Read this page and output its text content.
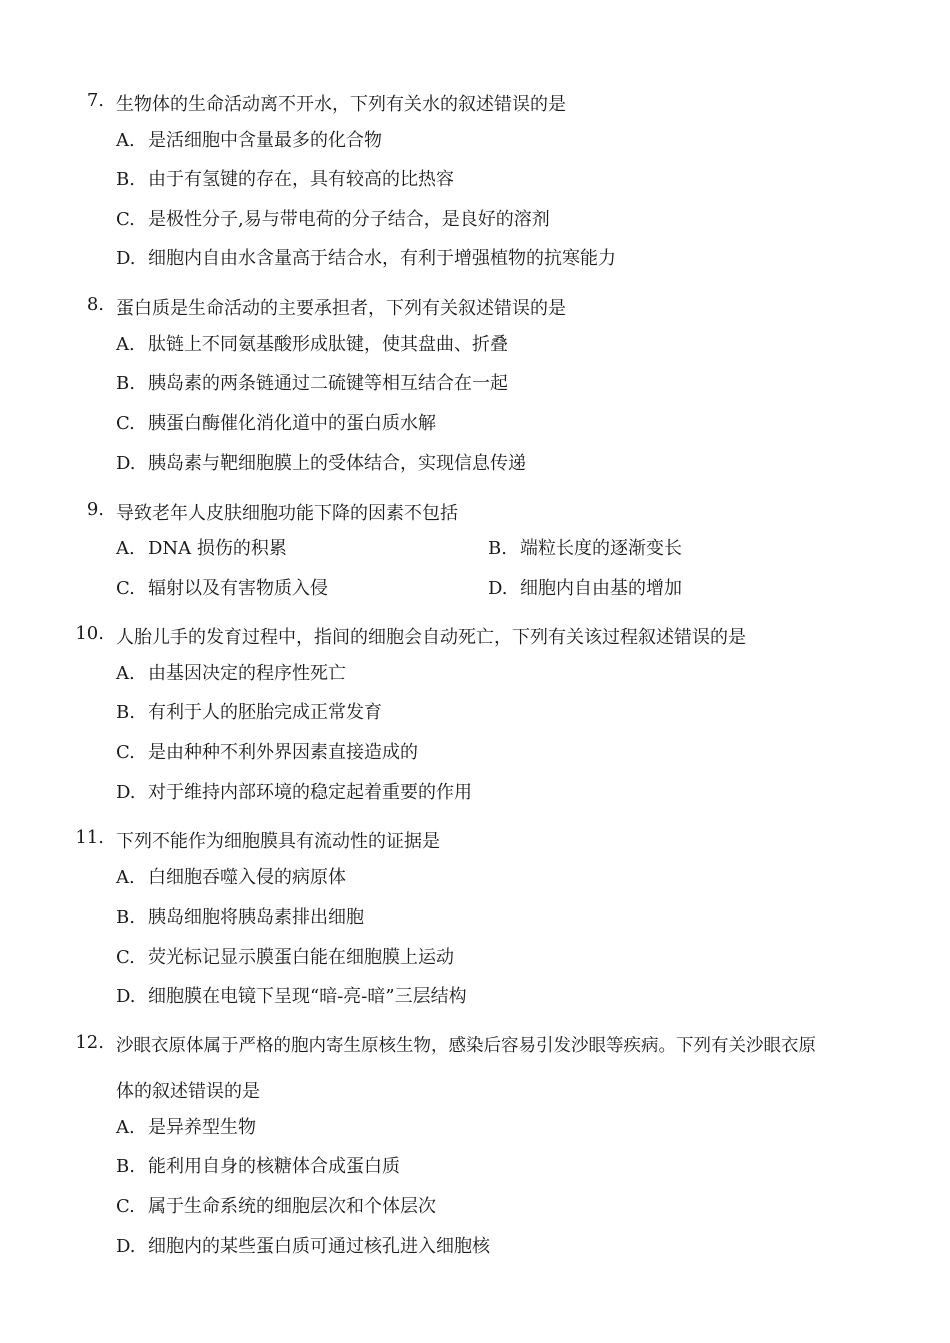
7. 生物体的生命活动离不开水，下列有关水的叙述错误的是
A. 是活细胞中含量最多的化合物
B. 由于有氢键的存在，具有较高的比热容
C. 是极性分子,易与带电荷的分子结合，是良好的溶剂
D. 细胞内自由水含量高于结合水，有利于增强植物的抗寒能力
8. 蛋白质是生命活动的主要承担者，下列有关叙述错误的是
A. 肽链上不同氨基酸形成肽键，使其盘曲、折叠
B. 胰岛素的两条链通过二硫键等相互结合在一起
C. 胰蛋白酶催化消化道中的蛋白质水解
D. 胰岛素与靶细胞膜上的受体结合，实现信息传递
9. 导致老年人皮肤细胞功能下降的因素不包括
A. DNA 损伤的积累	B. 端粒长度的逐渐变长
C. 辐射以及有害物质入侵	D. 细胞内自由基的增加
10. 人胎儿手的发育过程中，指间的细胞会自动死亡，下列有关该过程叙述错误的是
A. 由基因决定的程序性死亡
B. 有利于人的胚胎完成正常发育
C. 是由种种不利外界因素直接造成的
D. 对于维持内部环境的稳定起着重要的作用
11. 下列不能作为细胞膜具有流动性的证据是
A. 白细胞吞噬入侵的病原体
B. 胰岛细胞将胰岛素排出细胞
C. 荧光标记显示膜蛋白能在细胞膜上运动
D. 细胞膜在电镜下呈现“暗-亮-暗”三层结构
12. 沙眼衣原体属于严格的胞内寄生原核生物，感染后容易引发沙眼等疾病。下列有关沙眼衣原
体的叙述错误的是
A. 是异养型生物
B. 能利用自身的核糖体合成蛋白质
C. 属于生命系统的细胞层次和个体层次
D. 细胞内的某些蛋白质可通过核孔进入细胞核
